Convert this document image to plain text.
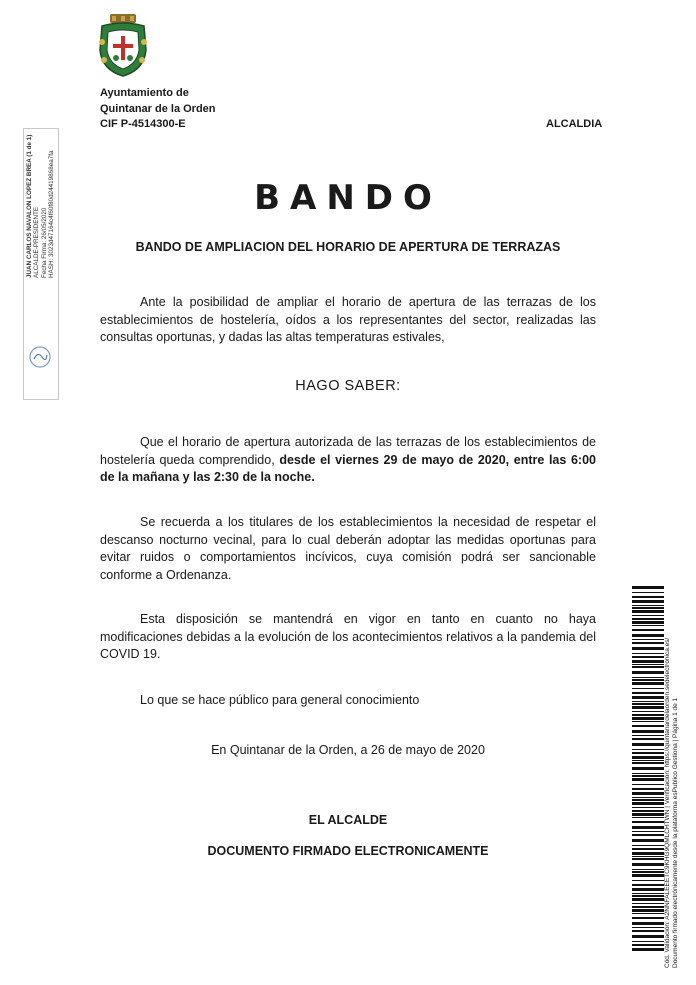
Ayuntamiento de
Quintanar de la Orden
CIF P-4514300-E	ALCALDIA
JUAN CARLOS NAVALON LOPEZ BREA (1 de 1) ALCALDE-PRESIDENTE Fecha Firma: 26/05/2020 HASH: 3023d47164c4f60f80d24419868ea7fa	BANDO
BANDO DE AMPLIACION DEL HORARIO DE APERTURA DE TERRAZAS
Ante la posibilidad de ampliar el horario de apertura de las terrazas de los establecimientos de hostelería, oídos a los representantes del sector, realizadas las consultas oportunas, y dadas las altas temperaturas estivales,
HAGO SABER:
Que el horario de apertura autorizada de las terrazas de los establecimientos de hostelería queda comprendido, desde el viernes 29 de mayo de 2020, entre las 6:00 de la mañana y las 2:30 de la noche.
Se recuerda a los titulares de los establecimientos la necesidad de respetar el descanso nocturno vecinal, para lo cual deberán adoptar las medidas oportunas para evitar ruidos o comportamientos incívicos, cuya comisión podrá ser sancionable conforme a Ordenanza.
Esta disposición se mantendrá en vigor en tanto en cuanto no haya modificaciones debidas a la evolución de los acontecimientos relativos a la pandemia del COVID 19.
Lo que se hace público para general conocimiento
En Quintanar de la Orden, a 26 de mayo de 2020
EL ALCALDE
DOCUMENTO FIRMADO ELECTRONICAMENTE	Cód. Validación: A2NNFALEEETC9KHG9QMLCHTWN | Verificación: https://quintanardelaorden.sedelectronica.es/ Documento firmado electrónicamente desde la plataforma esPublico Gestiona | Página 1 de 1
